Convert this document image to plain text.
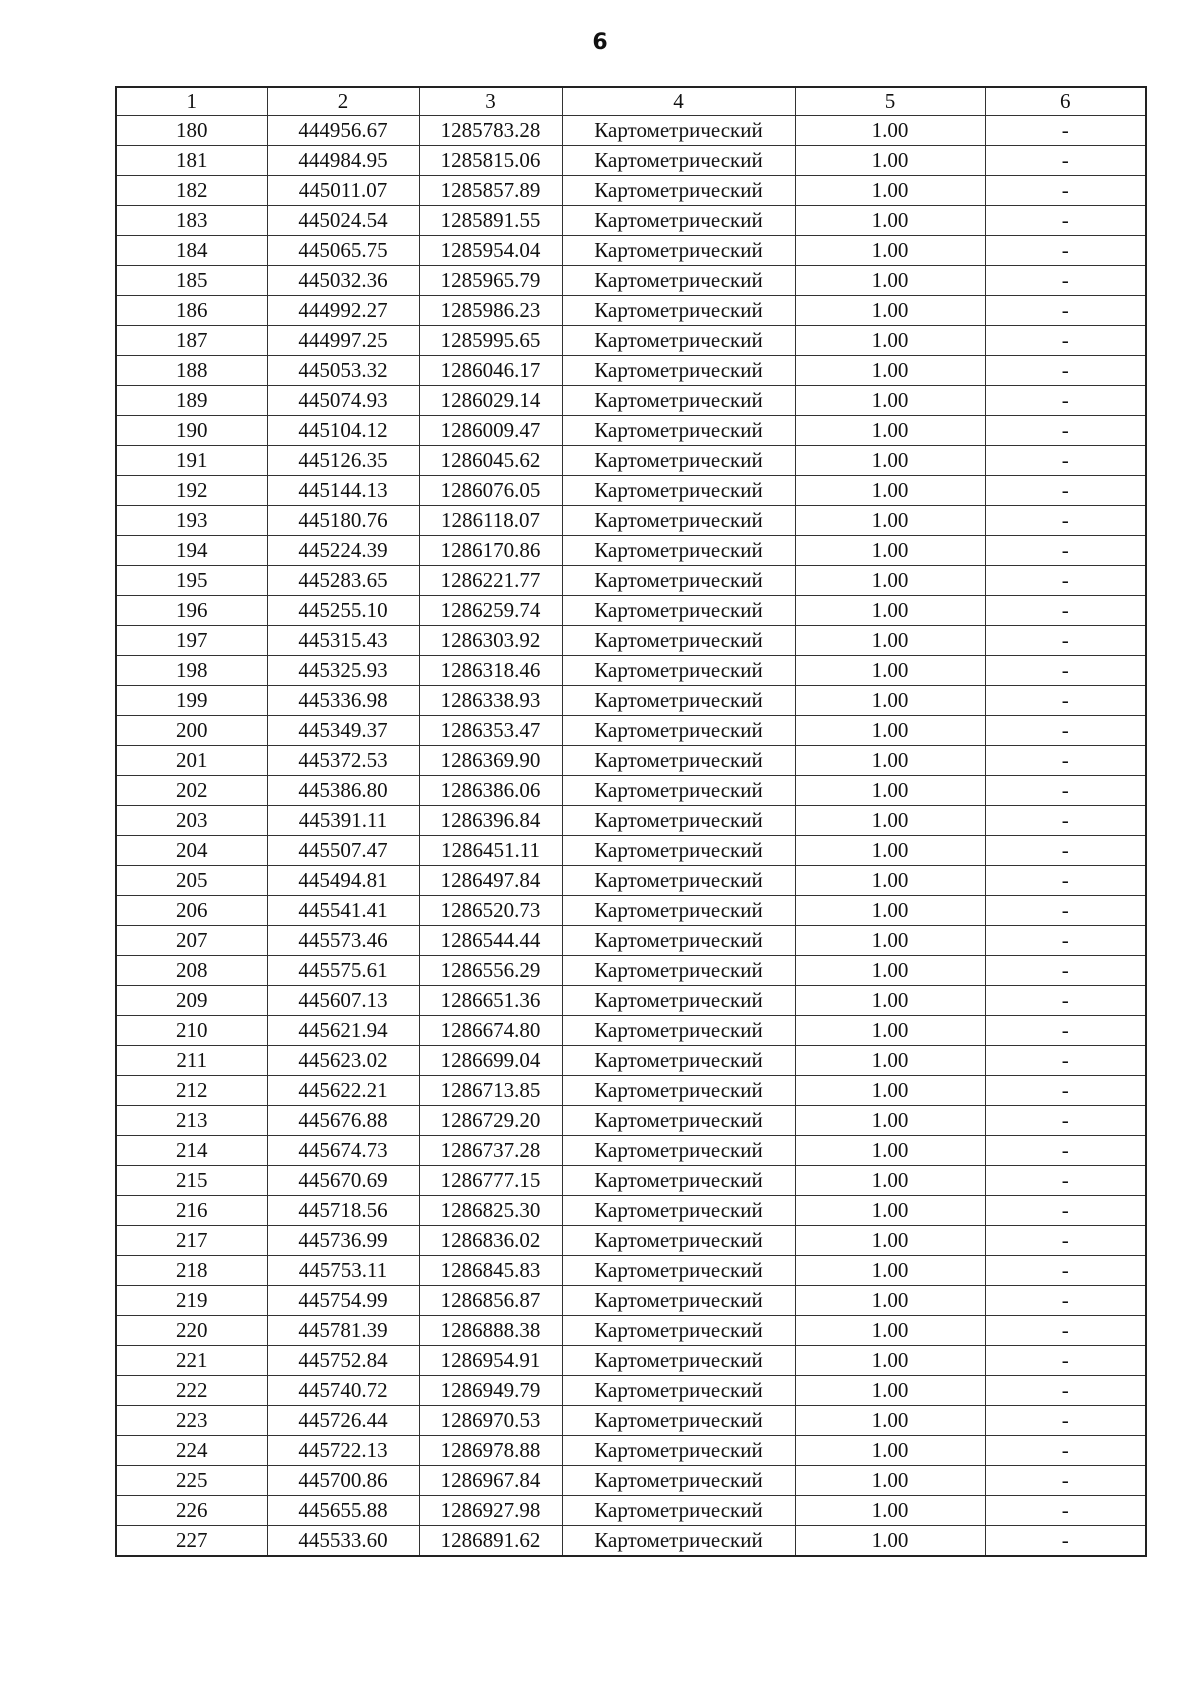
6
1	2	3	4	5	6
180	444956.67	1285783.28	Картометрический	1.00	-
181	444984.95	1285815.06	Картометрический	1.00	-
182	445011.07	1285857.89	Картометрический	1.00	-
183	445024.54	1285891.55	Картометрический	1.00	-
184	445065.75	1285954.04	Картометрический	1.00	-
185	445032.36	1285965.79	Картометрический	1.00	-
186	444992.27	1285986.23	Картометрический	1.00	-
187	444997.25	1285995.65	Картометрический	1.00	-
188	445053.32	1286046.17	Картометрический	1.00	-
189	445074.93	1286029.14	Картометрический	1.00	-
190	445104.12	1286009.47	Картометрический	1.00	-
191	445126.35	1286045.62	Картометрический	1.00	-
192	445144.13	1286076.05	Картометрический	1.00	-
193	445180.76	1286118.07	Картометрический	1.00	-
194	445224.39	1286170.86	Картометрический	1.00	-
195	445283.65	1286221.77	Картометрический	1.00	-
196	445255.10	1286259.74	Картометрический	1.00	-
197	445315.43	1286303.92	Картометрический	1.00	-
198	445325.93	1286318.46	Картометрический	1.00	-
199	445336.98	1286338.93	Картометрический	1.00	-
200	445349.37	1286353.47	Картометрический	1.00	-
201	445372.53	1286369.90	Картометрический	1.00	-
202	445386.80	1286386.06	Картометрический	1.00	-
203	445391.11	1286396.84	Картометрический	1.00	-
204	445507.47	1286451.11	Картометрический	1.00	-
205	445494.81	1286497.84	Картометрический	1.00	-
206	445541.41	1286520.73	Картометрический	1.00	-
207	445573.46	1286544.44	Картометрический	1.00	-
208	445575.61	1286556.29	Картометрический	1.00	-
209	445607.13	1286651.36	Картометрический	1.00	-
210	445621.94	1286674.80	Картометрический	1.00	-
211	445623.02	1286699.04	Картометрический	1.00	-
212	445622.21	1286713.85	Картометрический	1.00	-
213	445676.88	1286729.20	Картометрический	1.00	-
214	445674.73	1286737.28	Картометрический	1.00	-
215	445670.69	1286777.15	Картометрический	1.00	-
216	445718.56	1286825.30	Картометрический	1.00	-
217	445736.99	1286836.02	Картометрический	1.00	-
218	445753.11	1286845.83	Картометрический	1.00	-
219	445754.99	1286856.87	Картометрический	1.00	-
220	445781.39	1286888.38	Картометрический	1.00	-
221	445752.84	1286954.91	Картометрический	1.00	-
222	445740.72	1286949.79	Картометрический	1.00	-
223	445726.44	1286970.53	Картометрический	1.00	-
224	445722.13	1286978.88	Картометрический	1.00	-
225	445700.86	1286967.84	Картометрический	1.00	-
226	445655.88	1286927.98	Картометрический	1.00	-
227	445533.60	1286891.62	Картометрический	1.00	-
